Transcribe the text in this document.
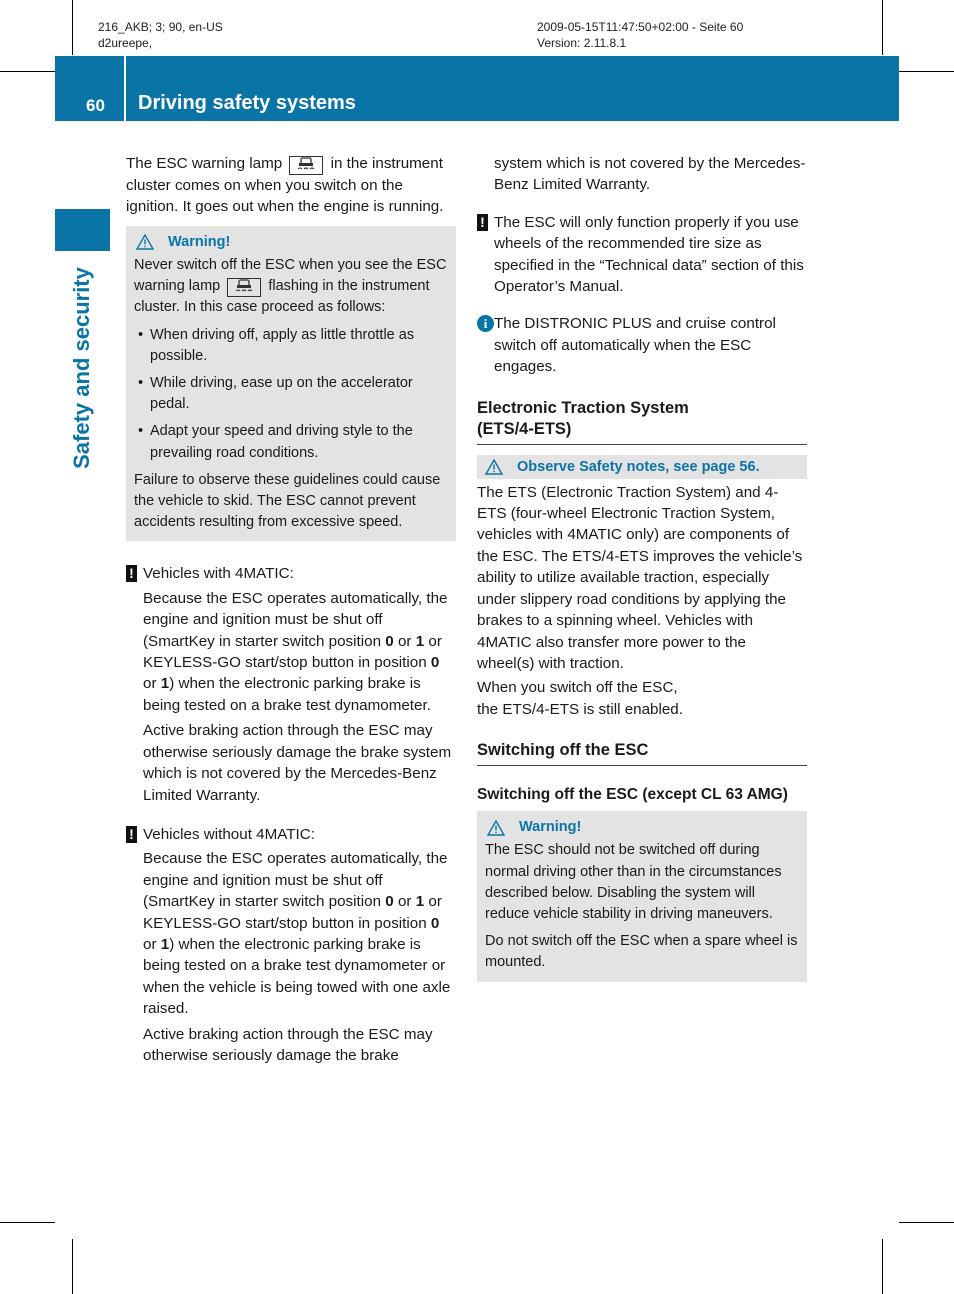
216_AKB; 3; 90, en-US
d2ureepe,
2009-05-15T11:47:50+02:00 - Seite 60
Version: 2.11.8.1
60 Driving safety systems
Safety and security

The ESC warning lamp	in the instrument cluster comes on when you switch on the ignition. It goes out when the engine is running.

Warning!

Never switch off the ESC when you see the ESC warning lamp	flashing in the instrument cluster. In this case proceed as follows:

• When driving off, apply as little throttle as possible.
• While driving, ease up on the accelerator pedal.
• Adapt your speed and driving style to the prevailing road conditions.

Failure to observe these guidelines could cause the vehicle to skid. The ESC cannot prevent accidents resulting from excessive speed.

! Vehicles with 4MATIC:

Because the ESC operates automatically, the engine and ignition must be shut off (SmartKey in starter switch position 0 or 1 or KEYLESS-GO start/stop button in position 0 or 1) when the electronic parking brake is being tested on a brake test dynamometer.

Active braking action through the ESC may otherwise seriously damage the brake system which is not covered by the Mercedes-Benz Limited Warranty.

! Vehicles without 4MATIC:

Because the ESC operates automatically, the engine and ignition must be shut off (SmartKey in starter switch position 0 or 1 or KEYLESS-GO start/stop button in position 0 or 1) when the electronic parking brake is being tested on a brake test dynamometer or when the vehicle is being towed with one axle raised.

Active braking action through the ESC may otherwise seriously damage the brake

system which is not covered by the Mercedes-Benz Limited Warranty.

! The ESC will only function properly if you use wheels of the recommended tire size as specified in the “Technical data” section of this Operator’s Manual.
i The DISTRONIC PLUS and cruise control switch off automatically when the ESC engages.
Electronic Traction System (ETS/4-ETS)
Observe Safety notes, see page 56.

The ETS (Electronic Traction System) and 4-ETS (four-wheel Electronic Traction System, vehicles with 4MATIC only) are components of the ESC. The ETS/4-ETS improves the vehicle’s ability to utilize available traction, especially under slippery road conditions by applying the brakes to a spinning wheel. Vehicles with 4MATIC also transfer more power to the wheel(s) with traction.

When you switch off the ESC, the ETS/4-ETS is still enabled.

Switching off the ESC
Switching off the ESC (except CL 63 AMG)
Warning!

The ESC should not be switched off during normal driving other than in the circumstances described below. Disabling the system will reduce vehicle stability in driving maneuvers.

Do not switch off the ESC when a spare wheel is mounted.
